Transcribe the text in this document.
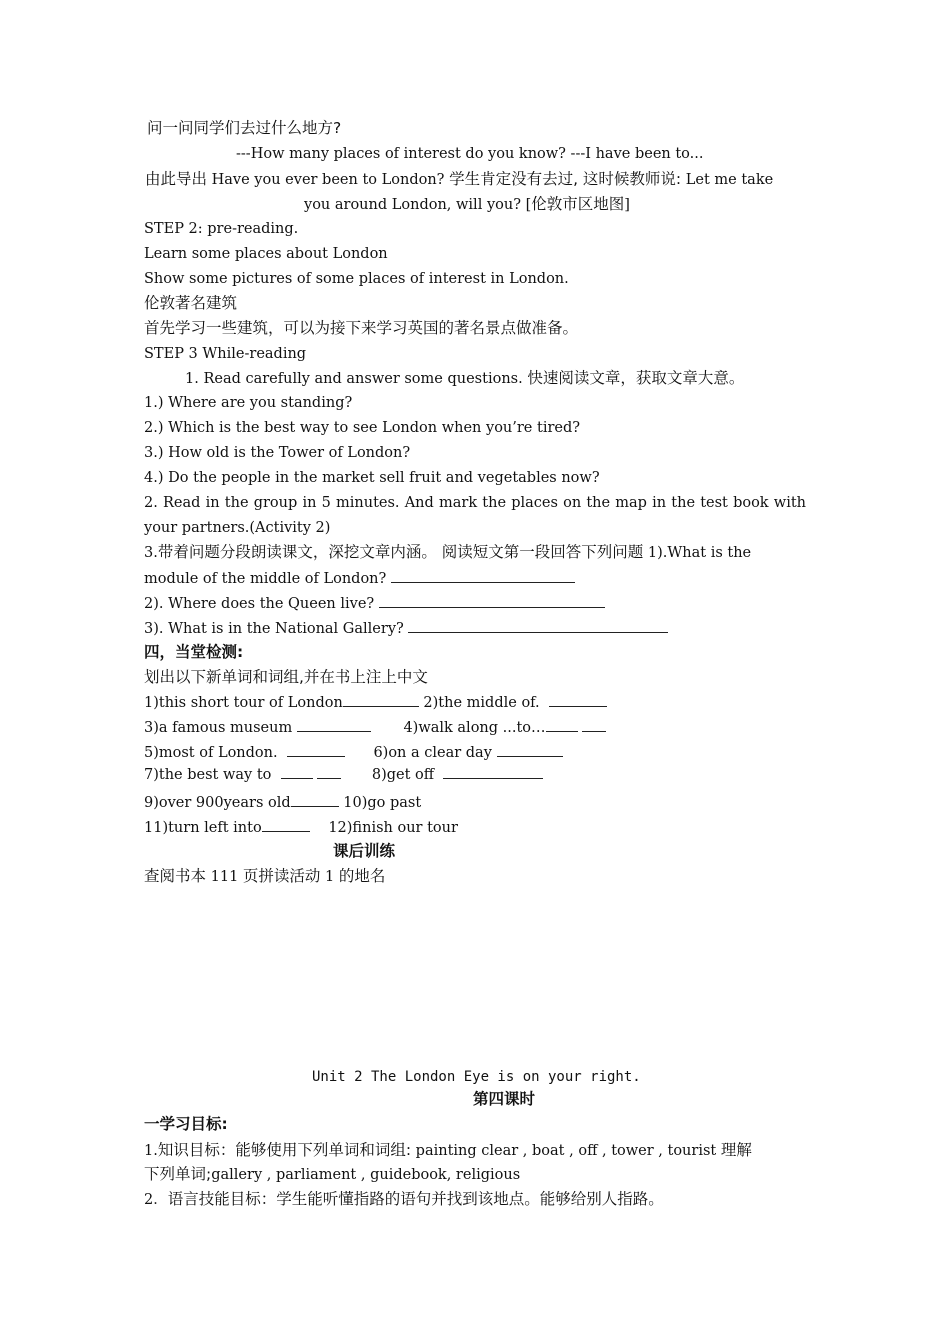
问一问同学们去过什么地方?
---How many places of interest do you know? ---I have been to...
由此导出 Have you ever been to London? 学生肯定没有去过, 这时候教师说: Let me take
you around London, will you? [伦敦市区地图]
STEP 2: pre-reading.
Learn some places about London
Show some pictures of some places of interest in London.
伦敦著名建筑
首先学习一些建筑，可以为接下来学习英国的著名景点做准备。
STEP 3 While-reading
1. Read carefully and answer some questions. 快速阅读文章，获取文章大意。
1.) Where are you standing?
2.) Which is the best way to see London when you’re tired?
3.) How old is the Tower of London?
4.) Do the people in the market sell fruit and vegetables now?
2. Read in the group in 5 minutes. And mark the places on the map in the test book with
your partners.(Activity 2)
3.带着问题分段朗读课文，深挖文章内涵。 阅读短文第一段回答下列问题 1).What is the
module of the middle of London?
2). Where does the Queen live?
3). What is in the National Gallery?
四，当堂检测:
划出以下新单词和词组,并在书上注上中文
1)this short tour of London	2)the middle of.
3)a famous museum	4)walk along ...to…
5)most of London.	6)on a clear day
7)the best way to	8)get off
9)over 900years old	10)go past
11)turn left into	12)finish our tour
课后训练
查阅书本 111 页拼读活动 1 的地名
Unit 2 The London Eye is on your right.
第四课时
一学习目标:
1.知识目标：能够使用下列单词和词组: painting clear , boat , off , tower , tourist 理解
下列单词;gallery , parliament , guidebook, religious
2．语言技能目标：学生能听懂指路的语句并找到该地点。能够给别人指路。
